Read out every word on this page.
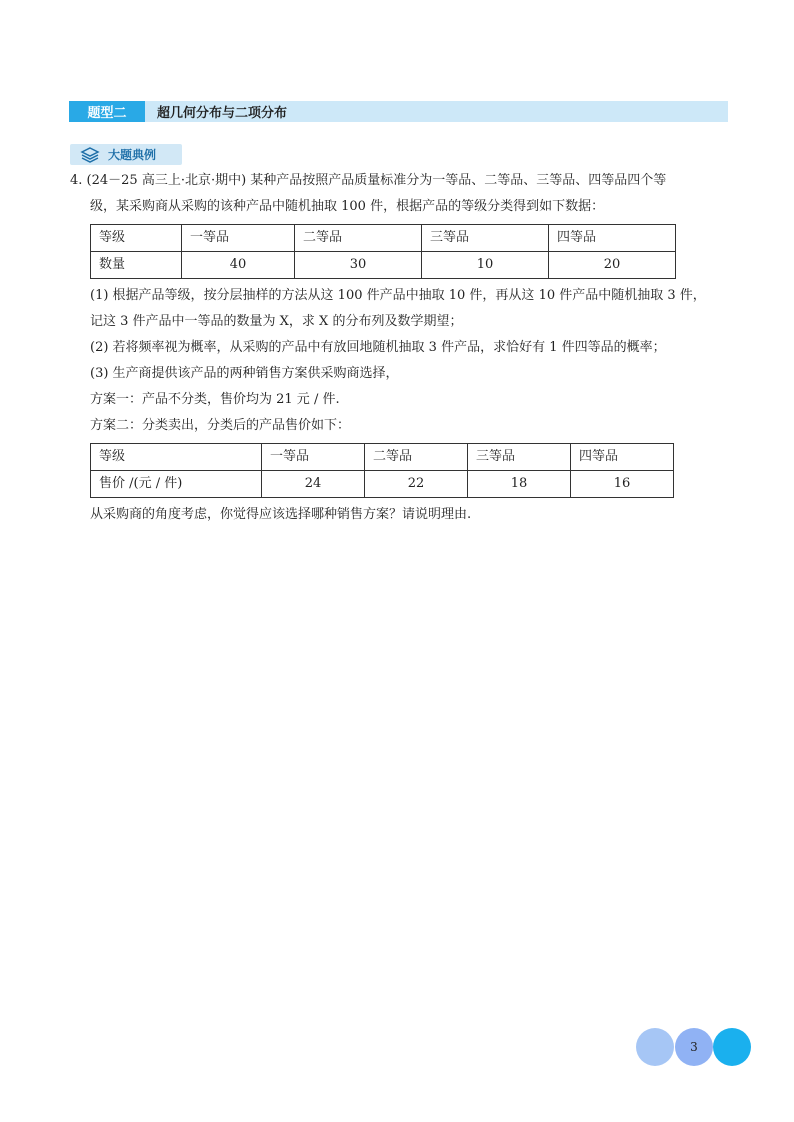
题型二	超几何分布与二项分布
大题典例

4. (24－25 高三上·北京·期中) 某种产品按照产品质量标准分为一等品、二等品、三等品、四等品四个等

级，某采购商从采购的该种产品中随机抽取 100 件，根据产品的等级分类得到如下数据：

等级	一等品	二等品	三等品	四等品
数量	40	30	10	20

(1) 根据产品等级，按分层抽样的方法从这 100 件产品中抽取 10 件，再从这 10 件产品中随机抽取 3 件，

记这 3 件产品中一等品的数量为 X，求 X 的分布列及数学期望；

(2) 若将频率视为概率，从采购的产品中有放回地随机抽取 3 件产品，求恰好有 1 件四等品的概率；

(3) 生产商提供该产品的两种销售方案供采购商选择，

方案一：产品不分类，售价均为 21 元 / 件.

方案二：分类卖出，分类后的产品售价如下：

等级	一等品	二等品	三等品	四等品
售价 /(元 / 件)	24	22	18	16

从采购商的角度考虑，你觉得应该选择哪种销售方案？请说明理由.

3
